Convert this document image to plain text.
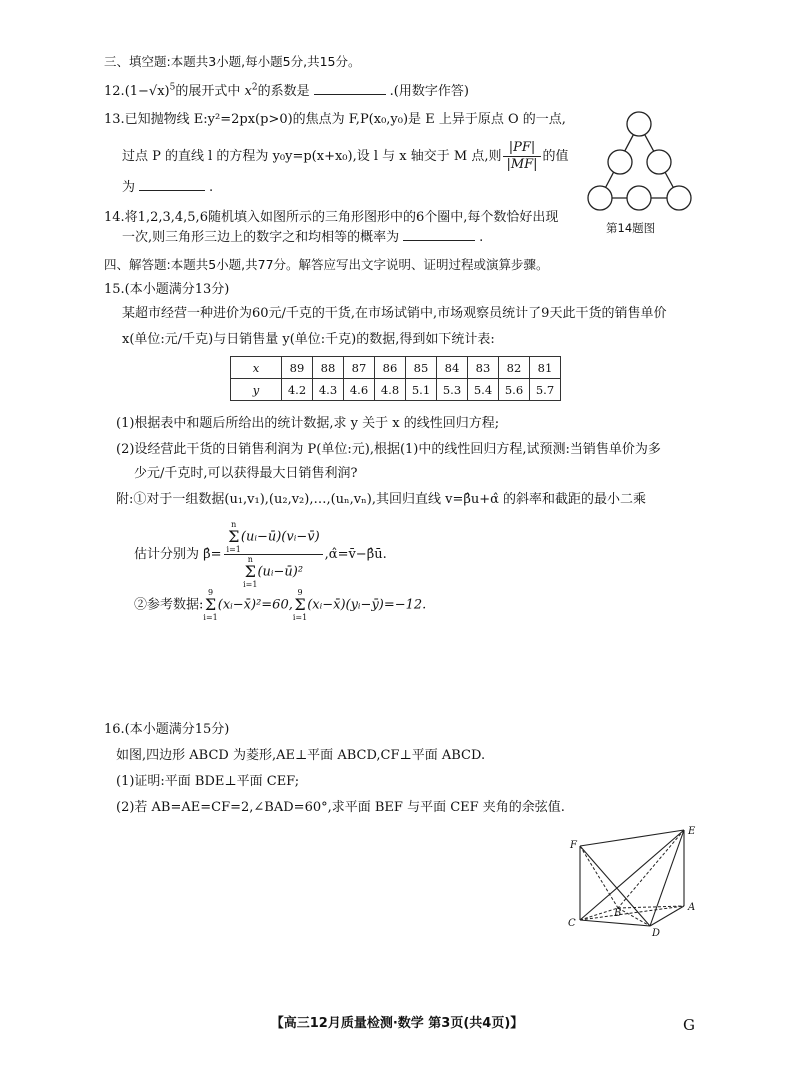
三、填空题:本题共3小题,每小题5分,共15分。
$12.(1-√x)^5$的展开式中 $x^2$的系数是	.(用数字作答)
13.已知抛物线 E:y²=2px(p>0)的焦点为 F,P(x₀,y₀)是 E 上异于原点 O 的一点,
过点 P 的直线 l 的方程为 y₀y=p(x+x₀),设 l 与 x 轴交于 M 点,则 $\frac{|PF|}{|MF|}$ 的值
为	.
第14题图
14.将1,2,3,4,5,6随机填入如图所示的三角形图形中的6个圈中,每个数恰好出现
一次,则三角形三边上的数字之和均相等的概率为	.
四、解答题:本题共5小题,共77分。解答应写出文字说明、证明过程或演算步骤。
15.(本小题满分13分)
某超市经营一种进价为60元/千克的干货,在市场试销中,市场观察员统计了9天此干货的销售单价
x(单位:元/千克)与日销售量 y(单位:千克)的数据,得到如下统计表:
x	89	88	87	86	85	84	83	82	81
y	4.2	4.3	4.6	4.8	5.1	5.3	5.4	5.6	5.7
(1)根据表中和题后所给出的统计数据,求 y 关于 x 的线性回归方程;
(2)设经营此干货的日销售利润为 P(单位:元),根据(1)中的线性回归方程,试预测:当销售单价为多
少元/千克时,可以获得最大日销售利润?
附:①对于一组数据(u₁,v₁),(u₂,v₂),…,(uₙ,vₙ),其回归直线 v=β̂u+α̂ 的斜率和截距的最小二乘
估计分别为 β̂= n
Σ
i=1(uᵢ−ū)(vᵢ−v̄)
n
Σ
i=1(uᵢ−ū)² ,α̂=v̄−β̂ū.
②参考数据:9
Σ
i=1(xᵢ−x̄)²=60,9
Σ
i=1(xᵢ−x̄)(yᵢ−ȳ)=−12.
16.(本小题满分15分)
如图,四边形 ABCD 为菱形,AE⊥平面 ABCD,CF⊥平面 ABCD.
(1)证明:平面 BDE⊥平面 CEF;
(2)若 AB=AE=CF=2,∠BAD=60°,求平面 BEF 与平面 CEF 夹角的余弦值.
E
F
A
B
C
D
【高三12月质量检测·数学 第3页(共4页)】	G
